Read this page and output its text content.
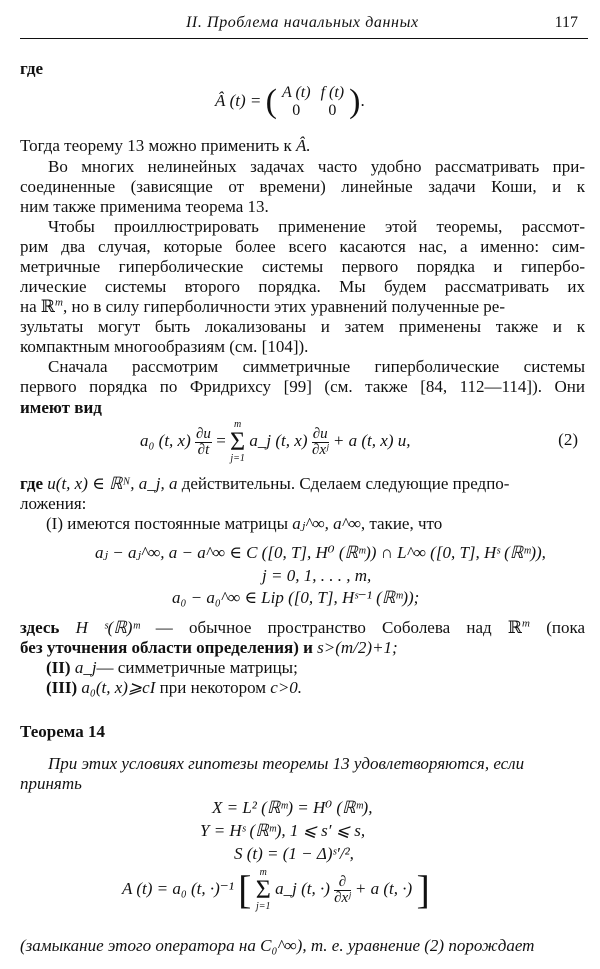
II. Проблема начальных данных	117
где
Â (t) = ( A (t)	f (t)
0	0 ).
Тогда теорему 13 можно применить к Â.
Во многих нелинейных задачах часто удобно рассматривать при-
соединенные (зависящие от времени) линейные задачи Коши, и к
ним также применима теорема 13.
Чтобы проиллюстрировать применение этой теоремы, рассмот-
рим два случая, которые более всего касаются нас, а именно: сим-
метричные гиперболические системы первого порядка и гипербо-
лические системы второго порядка. Мы будем рассматривать их
на ℝ$^m$, но в силу гиперболичности этих уравнений полученные ре-
зультаты могут быть локализованы и затем применены также и к
компактным многообразиям (см. [104]).
Сначала рассмотрим симметричные гиперболические системы
первого порядка по Фридрихсу [99] (см. также [84, 112—114]). Они
имеют вид
a₀ (t, $x) \frac{\partial u}{\partial t}$ =
m
Σ
j=1
a_j (t, $x) \frac{\partial u}{\text{∂xʲ}} + a$ (t, x) u,	(2)
где u(t, x) ∈ ℝᴺ, a_j, a действительны. Сделаем следующие предпо-
ложения:
(I) имеются постоянные матрицы aⱼ^∞, a^∞, такие, что
aⱼ − aⱼ^∞, a − a^∞ ∈ C ([0, T], H⁰ (ℝᵐ)) ∩ L^∞ ([0, T], Hˢ (ℝᵐ)),
j = 0, 1, . . . , m,
a₀ − a₀^∞ ∈ Lip ([0, T], Hˢ⁻¹ (ℝᵐ));
здесь H ˢ(ℝ)ᵐ — обычное пространство Соболева над ℝ$^m$ (пока
без уточнения области определения) и s>(m/2)+1;
(II) a_j— симметричные матрицы;
(III) a₀(t, x)⩾cI при некотором c>0.
Теорема 14
При этих условиях гипотезы теоремы 13 удовлетворяются, если
принять
X = L² (ℝᵐ) = H⁰ (ℝᵐ),
Y = Hˢ (ℝᵐ), 1 ⩽ s′ ⩽ s,
S (t) = (1 − Δ)ˢ′/²,
A (t) = a₀ (t, ·)⁻¹ [ m
Σ
j=1
a_j (t, ·) $\frac{\partial}{\text{∂xʲ}} + a$ (t, ·) ]
(замыкание этого оператора на C₀^∞), т. е. уравнение (2) порождает
